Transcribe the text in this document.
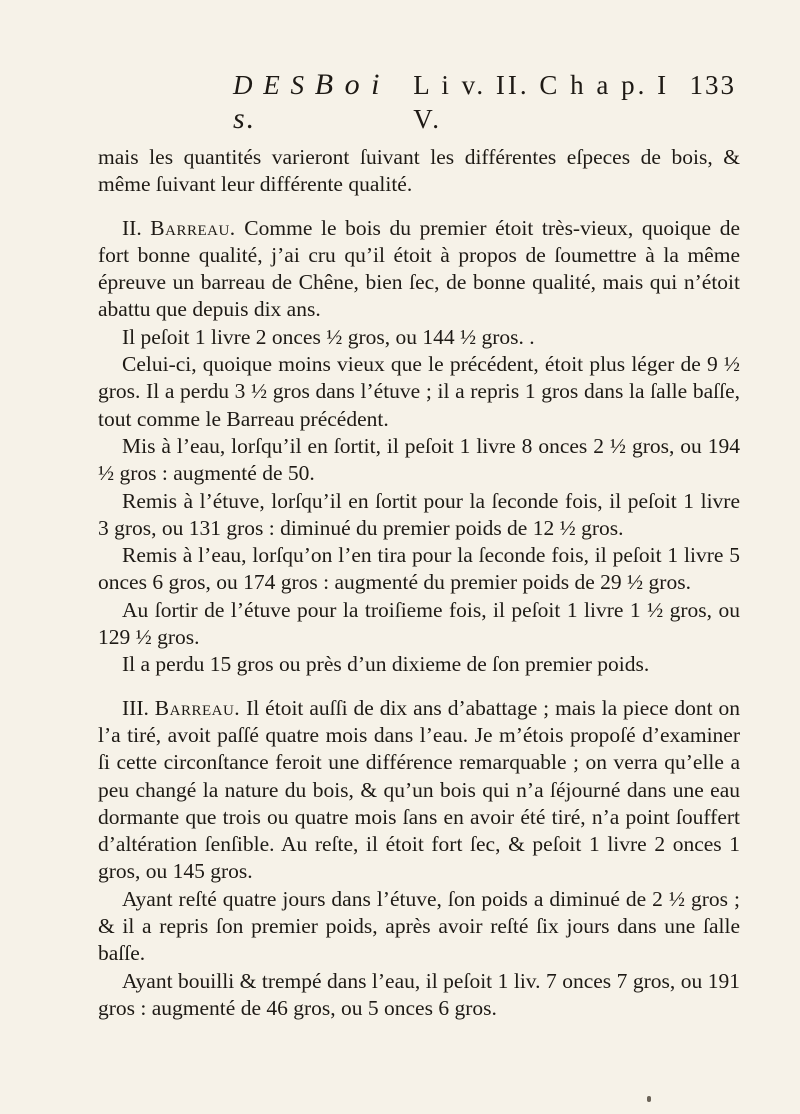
D E S B o i s.
L i v. II. C h a p. I V.
133

mais les quantités varieront ſuivant les différentes eſpeces de bois, & même ſuivant leur différente qualité.

II. Barreau. Comme le bois du premier étoit très-vieux, quoique de fort bonne qualité, j’ai cru qu’il étoit à propos de ſoumettre à la même épreuve un barreau de Chêne, bien ſec, de bonne qualité, mais qui n’étoit abattu que depuis dix ans.

Il peſoit 1 livre 2 onces ½ gros, ou 144 ½ gros. .

Celui-ci, quoique moins vieux que le précédent, étoit plus léger de 9 ½ gros. Il a perdu 3 ½ gros dans l’étuve ; il a repris 1 gros dans la ſalle baſſe, tout comme le Barreau précédent.

Mis à l’eau, lorſqu’il en ſortit, il peſoit 1 livre 8 onces 2 ½ gros, ou 194 ½ gros : augmenté de 50.

Remis à l’étuve, lorſqu’il en ſortit pour la ſeconde fois, il peſoit 1 livre 3 gros, ou 131 gros : diminué du premier poids de 12 ½ gros.

Remis à l’eau, lorſqu’on l’en tira pour la ſeconde fois, il peſoit 1 livre 5 onces 6 gros, ou 174 gros : augmenté du premier poids de 29 ½ gros.

Au ſortir de l’étuve pour la troiſieme fois, il peſoit 1 livre 1 ½ gros, ou 129 ½ gros.

Il a perdu 15 gros ou près d’un dixieme de ſon premier poids.

III. Barreau. Il étoit auſſi de dix ans d’abattage ; mais la piece dont on l’a tiré, avoit paſſé quatre mois dans l’eau. Je m’étois propoſé d’examiner ſi cette circonſtance feroit une différence remarquable ; on verra qu’elle a peu changé la nature du bois, & qu’un bois qui n’a ſéjourné dans une eau dormante que trois ou quatre mois ſans en avoir été tiré, n’a point ſouffert d’altération ſenſible. Au reſte, il étoit fort ſec, & peſoit 1 livre 2 onces 1 gros, ou 145 gros.

Ayant reſté quatre jours dans l’étuve, ſon poids a diminué de 2 ½ gros ; & il a repris ſon premier poids, après avoir reſté ſix jours dans une ſalle baſſe.

Ayant bouilli & trempé dans l’eau, il peſoit 1 liv. 7 onces 7 gros, ou 191 gros : augmenté de 46 gros, ou 5 onces 6 gros.
